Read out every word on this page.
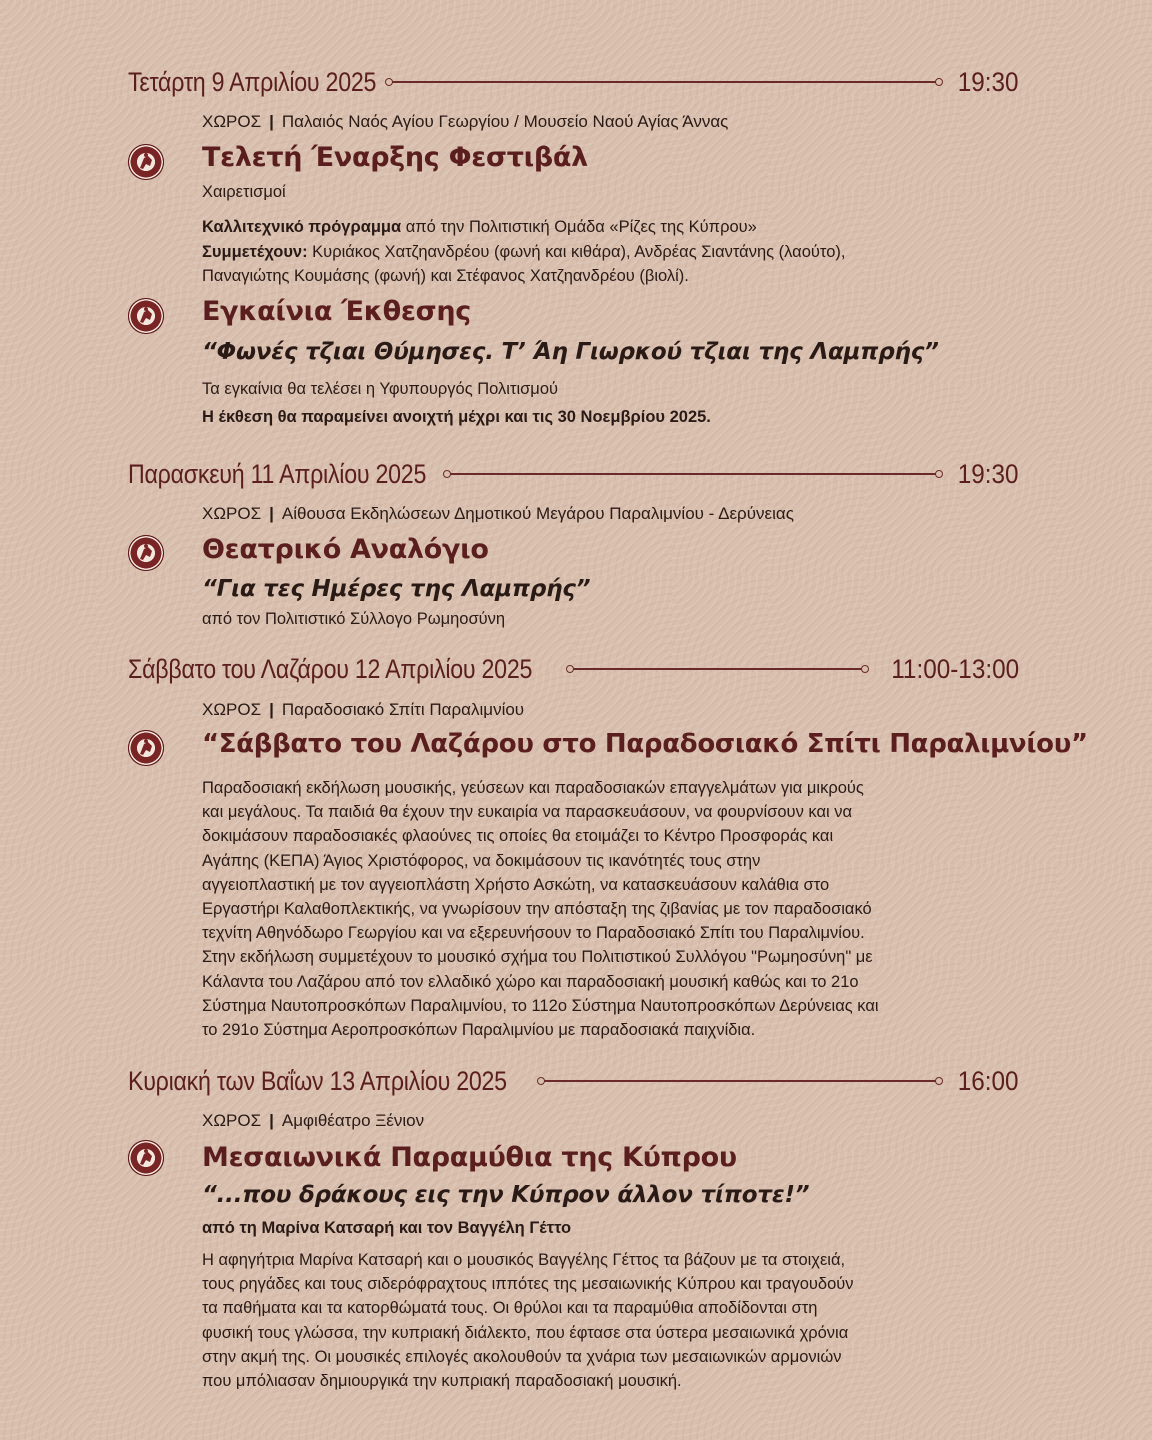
Τετάρτη 9 Απριλίου 2025	19:30
ΧΩΡΟΣ | Παλαιός Ναός Αγίου Γεωργίου / Μουσείο Ναού Αγίας Άννας
Τελετή Έναρξης Φεστιβάλ
Χαιρετισμοί
Καλλιτεχνικό πρόγραμμα από την Πολιτιστική Ομάδα «Ρίζες της Κύπρου»
Συμμετέχουν: Κυριάκος Χατζηανδρέου (φωνή και κιθάρα), Ανδρέας Σιαντάνης (λαούτο),
Παναγιώτης Κουμάσης (φωνή) και Στέφανος Χατζηανδρέου (βιολί).
Εγκαίνια Έκθεσης
“Φωνές τζιαι Θύμησες. Τ’ Άη Γιωρκού τζιαι της Λαμπρής”
Τα εγκαίνια θα τελέσει η Υφυπουργός Πολιτισμού
Η έκθεση θα παραμείνει ανοιχτή μέχρι και τις 30 Νοεμβρίου 2025.
Παρασκευή 11 Απριλίου 2025	19:30
ΧΩΡΟΣ | Αίθουσα Εκδηλώσεων Δημοτικού Μεγάρου Παραλιμνίου - Δερύνειας
Θεατρικό Αναλόγιο
“Για τες Ημέρες της Λαμπρής”
από τον Πολιτιστικό Σύλλογο Ρωμηοσύνη
Σάββατο του Λαζάρου 12 Απριλίου 2025	11:00-13:00
ΧΩΡΟΣ | Παραδοσιακό Σπίτι Παραλιμνίου
“Σάββατο του Λαζάρου στο Παραδοσιακό Σπίτι Παραλιμνίου”
Παραδοσιακή εκδήλωση μουσικής, γεύσεων και παραδοσιακών επαγγελμάτων για μικρούς
και μεγάλους. Τα παιδιά θα έχουν την ευκαιρία να παρασκευάσουν, να φουρνίσουν και να
δοκιμάσουν παραδοσιακές φλαούνες τις οποίες θα ετοιμάζει το Κέντρο Προσφοράς και
Αγάπης (ΚΕΠΑ) Άγιος Χριστόφορος, να δοκιμάσουν τις ικανότητές τους στην
αγγειοπλαστική με τον αγγειοπλάστη Χρήστο Ασκώτη, να κατασκευάσουν καλάθια στο
Εργαστήρι Καλαθοπλεκτικής, να γνωρίσουν την απόσταξη της ζιβανίας με τον παραδοσιακό
τεχνίτη Αθηνόδωρο Γεωργίου και να εξερευνήσουν το Παραδοσιακό Σπίτι του Παραλιμνίου.
Στην εκδήλωση συμμετέχουν το μουσικό σχήμα του Πολιτιστικού Συλλόγου "Ρωμηοσύνη" με
Κάλαντα του Λαζάρου από τον ελλαδικό χώρο και παραδοσιακή μουσική καθώς και το 21ο
Σύστημα Ναυτοπροσκόπων Παραλιμνίου, το 112ο Σύστημα Ναυτοπροσκόπων Δερύνειας και
το 291ο Σύστημα Αεροπροσκόπων Παραλιμνίου με παραδοσιακά παιχνίδια.
Κυριακή των Βαΐων 13 Απριλίου 2025	16:00
ΧΩΡΟΣ | Αμφιθέατρο Ξένιον
Μεσαιωνικά Παραμύθια της Κύπρου
“...που δράκους εις την Κύπρον άλλον τίποτε!”
από τη Μαρίνα Κατσαρή και τον Βαγγέλη Γέττο
Η αφηγήτρια Μαρίνα Κατσαρή και ο μουσικός Βαγγέλης Γέττος τα βάζουν με τα στοιχειά,
τους ρηγάδες και τους σιδερόφραχτους ιππότες της μεσαιωνικής Κύπρου και τραγουδούν
τα παθήματα και τα κατορθώματά τους. Οι θρύλοι και τα παραμύθια αποδίδονται στη
φυσική τους γλώσσα, την κυπριακή διάλεκτο, που έφτασε στα ύστερα μεσαιωνικά χρόνια
στην ακμή της. Οι μουσικές επιλογές ακολουθούν τα χνάρια των μεσαιωνικών αρμονιών
που μπόλιασαν δημιουργικά την κυπριακή παραδοσιακή μουσική.
